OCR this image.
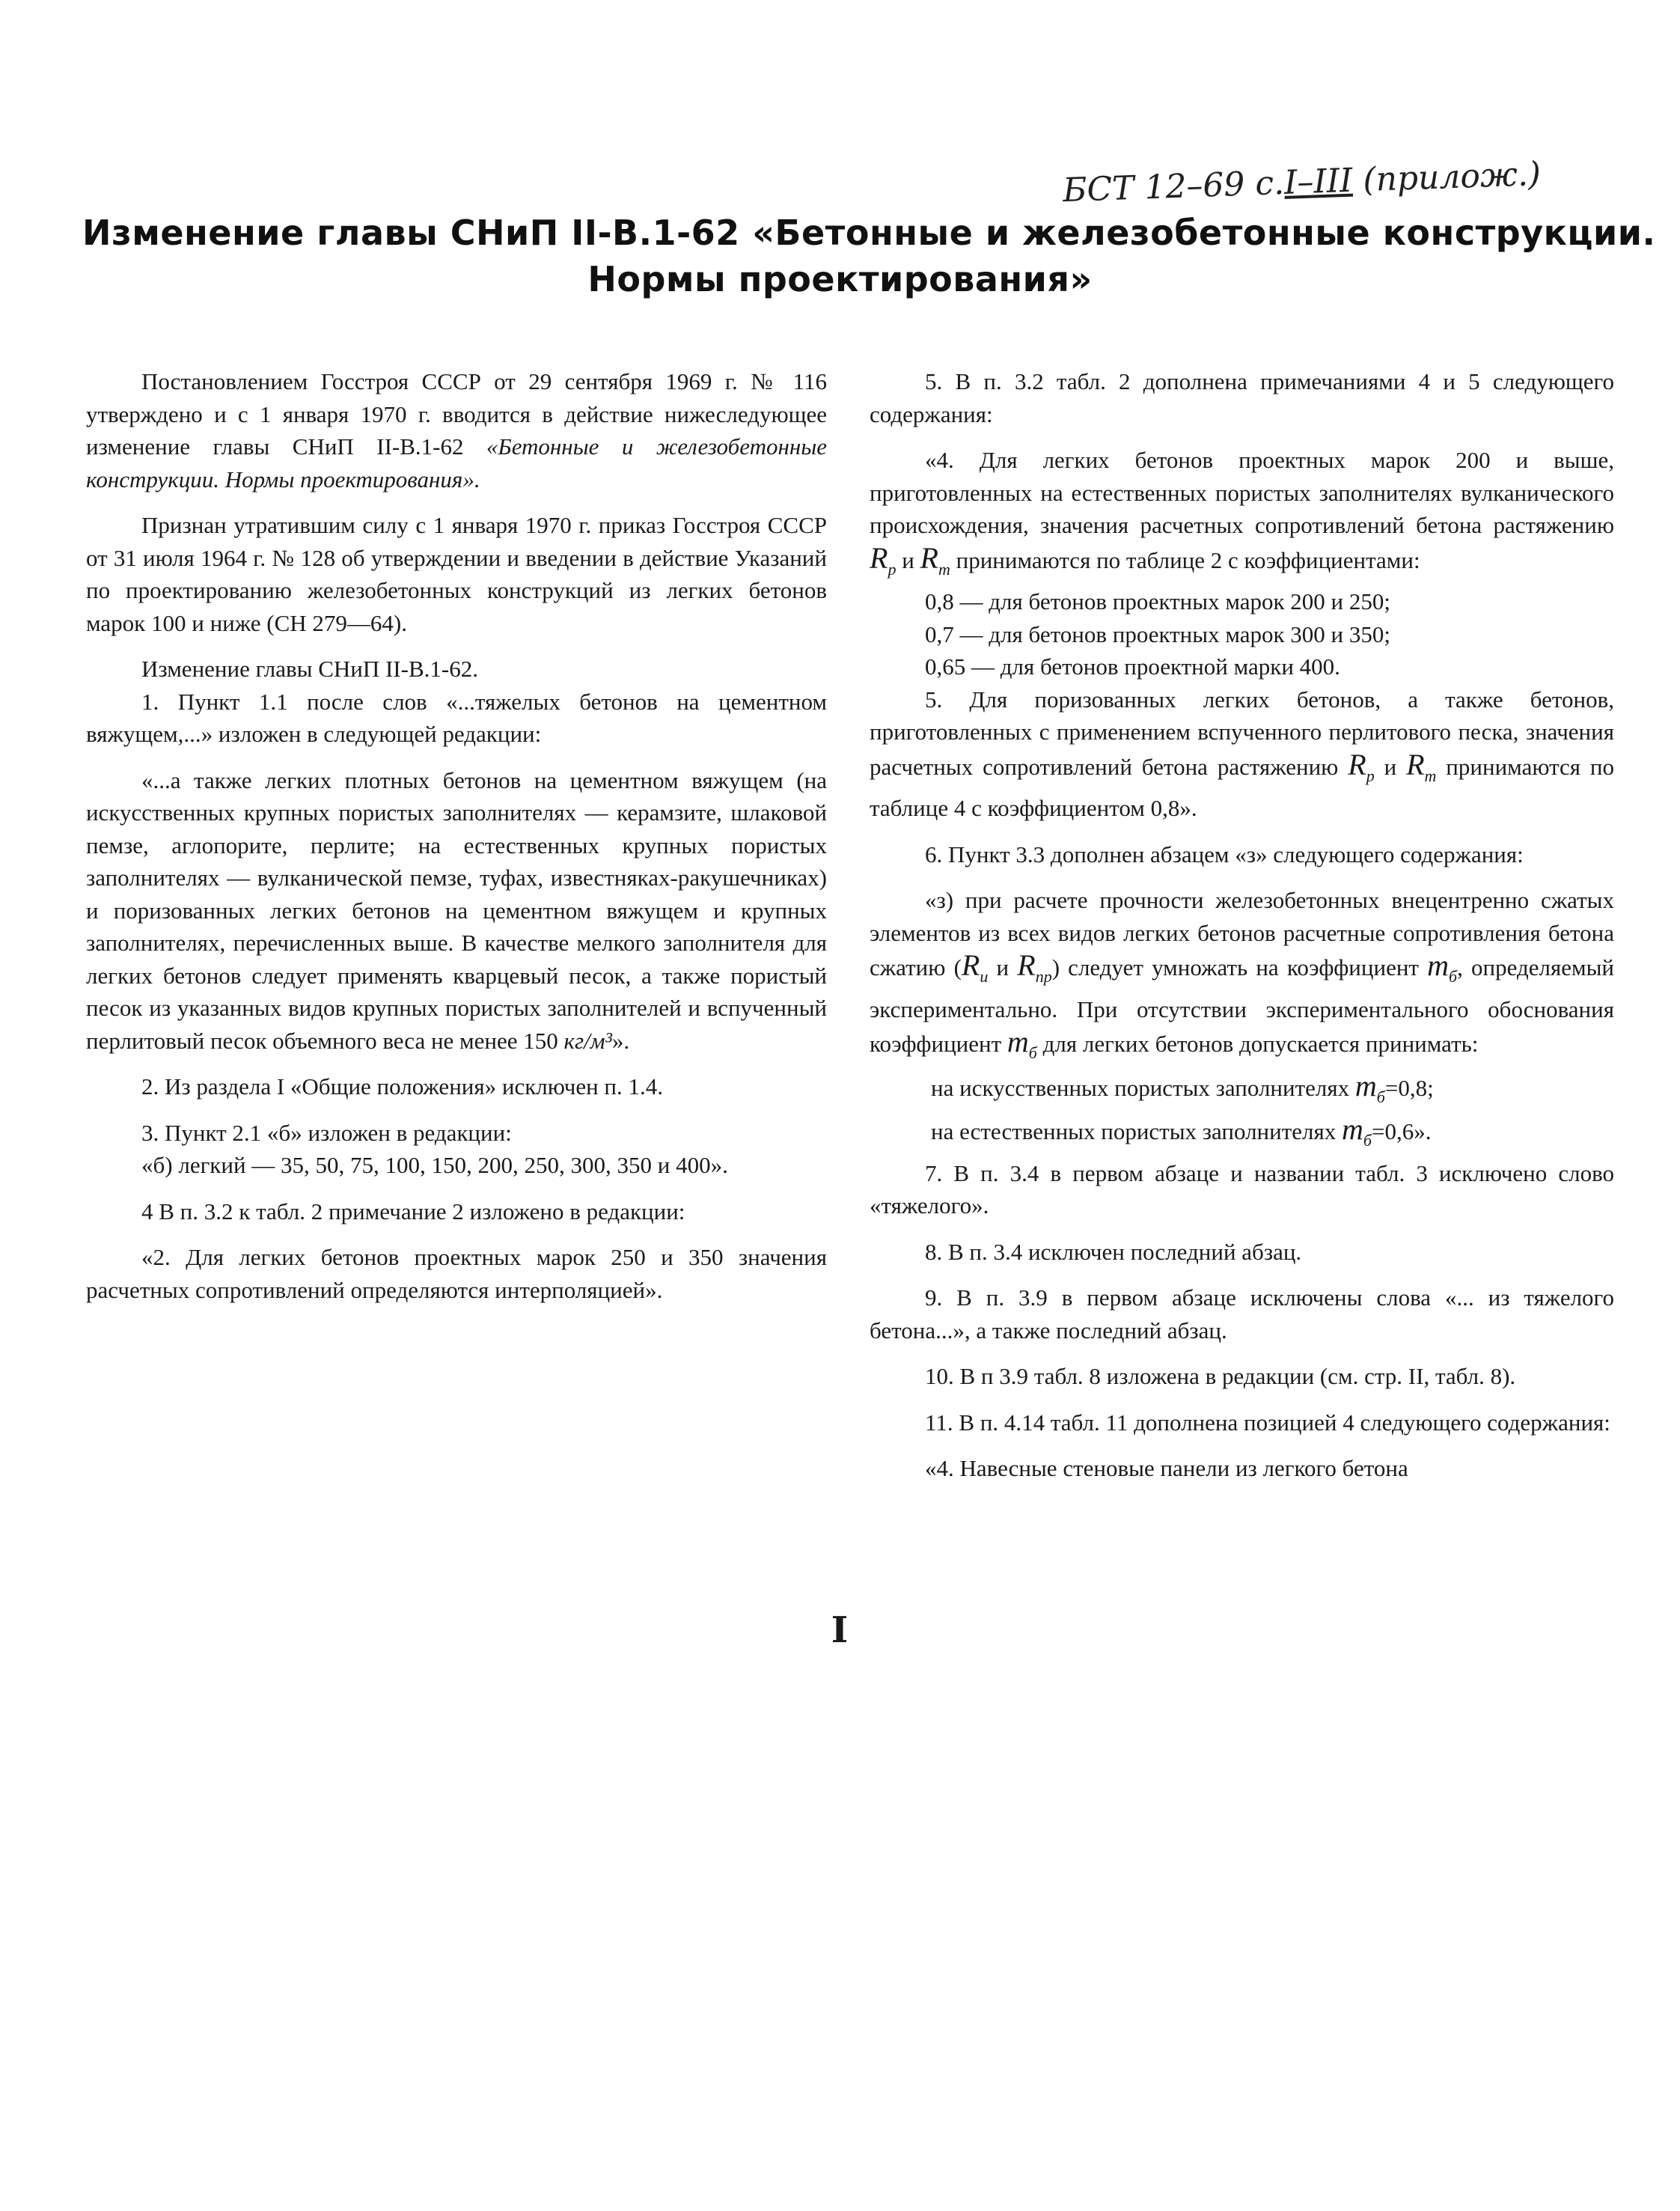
БСТ 12–69 с.I–III (прилож.)
Изменение главы СНиП II-В.1-62 «Бетонные и железобетонные конструкции.
Нормы проектирования»

Постановлением Госстроя СССР от 29 сентября 1969 г. № 116 утверждено и с 1 января 1970 г. вводится в действие нижеследующее изменение главы СНиП II-В.1-62 «Бетонные и железобетонные конструкции. Нормы проектирования».

Признан утратившим силу с 1 января 1970 г. приказ Госстроя СССР от 31 июля 1964 г. № 128 об утверждении и введении в действие Указаний по проектированию железобетонных конструкций из легких бетонов марок 100 и ниже (СН 279—64).

Изменение главы СНиП II-В.1-62.

1. Пункт 1.1 после слов «...тяжелых бетонов на цементном вяжущем,...» изложен в следующей редакции:

«...а также легких плотных бетонов на цементном вяжущем (на искусственных крупных пористых заполнителях — керамзите, шлаковой пемзе, аглопорите, перлите; на естественных крупных пористых заполнителях — вулканической пемзе, туфах, известняках-ракушечниках) и поризованных легких бетонов на цементном вяжущем и крупных заполнителях, перечисленных выше. В качестве мелкого заполнителя для легких бетонов следует применять кварцевый песок, а также пористый песок из указанных видов крупных пористых заполнителей и вспученный перлитовый песок объемного веса не менее 150 кг/м³».

2. Из раздела I «Общие положения» исключен п. 1.4.

3. Пункт 2.1 «б» изложен в редакции:

«б) легкий — 35, 50, 75, 100, 150, 200, 250, 300, 350 и 400».

4 В п. 3.2 к табл. 2 примечание 2 изложено в редакции:

«2. Для легких бетонов проектных марок 250 и 350 значения расчетных сопротивлений определяются интерполяцией».

5. В п. 3.2 табл. 2 дополнена примечаниями 4 и 5 следующего содержания:

«4. Для легких бетонов проектных марок 200 и выше, приготовленных на естественных пористых заполнителях вулканического происхождения, значения расчетных сопротивлений бетона растяжению $R_р$ и $R_т$ принимаются по таблице 2 с коэффициентами:

0,8 — для бетонов проектных марок 200 и 250;

0,7 — для бетонов проектных марок 300 и 350;

0,65 — для бетонов проектной марки 400.

5. Для поризованных легких бетонов, а также бетонов, приготовленных с применением вспученного перлитового песка, значения расчетных сопротивлений бетона растяжению $R_р$ и $R_т$ принимаются по таблице 4 с коэффициентом 0,8».

6. Пункт 3.3 дополнен абзацем «з» следующего содержания:

«з) при расчете прочности железобетонных внецентренно сжатых элементов из всех видов легких бетонов расчетные сопротивления бетона сжатию ($R_и$ и $R_{пр}$) следует умножать на коэффициент $m_б$, определяемый экспериментально. При отсутствии экспериментального обоснования коэффициент $m_б$ для легких бетонов допускается принимать:

на искусственных пористых заполнителях $m_б=0,8$;

на естественных пористых заполнителях $m_б=0,6$».

7. В п. 3.4 в первом абзаце и названии табл. 3 исключено слово «тяжелого».

8. В п. 3.4 исключен последний абзац.

9. В п. 3.9 в первом абзаце исключены слова «... из тяжелого бетона...», а также последний абзац.

10. В п 3.9 табл. 8 изложена в редакции (см. стр. II, табл. 8).

11. В п. 4.14 табл. 11 дополнена позицией 4 следующего содержания:

«4. Навесные стеновые панели из легкого бетона

I
